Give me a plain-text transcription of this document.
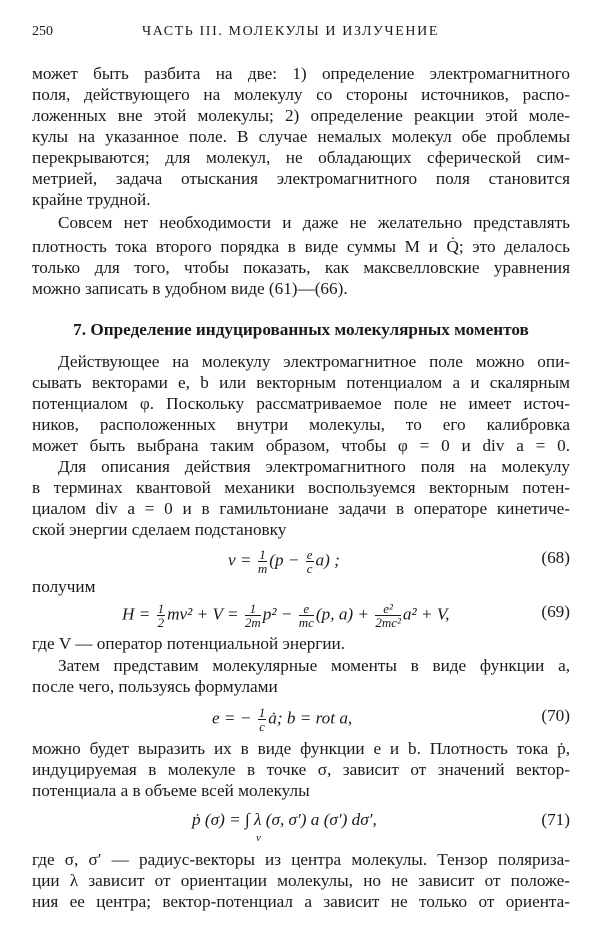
250	ЧАСТЬ III. МОЛЕКУЛЫ И ИЗЛУЧЕНИЕ
может быть разбита на две: 1) определение электромагнитного
поля, действующего на молекулу со стороны источников, распо-
ложенных вне этой молекулы; 2) определение реакции этой моле-
кулы на указанное поле. В случае немалых молекул обе проблемы
перекрываются; для молекул, не обладающих сферической сим-
метрией, задача отыскания электромагнитного поля становится
крайне трудной.
Совсем нет необходимости и даже не желательно представлять
плотность тока второго порядка в виде суммы M и Q̇; это делалось
только для того, чтобы показать, как максвелловские уравнения
можно записать в удобном виде (61)—(66).
7. Определение индуцированных молекулярных моментов
Действующее на молекулу электромагнитное поле можно опи-
сывать векторами e, b или векторным потенциалом a и скалярным
потенциалом φ. Поскольку рассматриваемое поле не имеет источ-
ников, расположенных внутри молекулы, то его калибровка
может быть выбрана таким образом, чтобы φ = 0 и div a = 0.
Для описания действия электромагнитного поля на молекулу
в терминах квантовой механики воспользуемся векторным потен-
циалом div a = 0 и в гамильтониане задачи в операторе кинетиче-
ской энергии сделаем подстановку
$v = \frac{1}{m} (p - \frac{e}{c} a)$ ;	(68)
получим
$H = \frac{1}{2} mv^2 + V = \frac{1}{2m} p^2 - \frac{e}{mc} (p$, $a) + \frac{\text{e²}}{\text{2mc²}} a^2 + V$,	(69)
где V — оператор потенциальной энергии.
Затем представим молекулярные моменты в виде функции a,
после чего, пользуясь формулами
e = − $\frac{1}{c}$ ȧ; b = rot a,	(70)
можно будет выразить их в виде функции e и b. Плотность тока ṗ,
индуцируемая в молекуле в точке σ, зависит от значений вектор-
потенциала a в объеме всей молекулы
ṗ (σ) = ∫ λ (σ, σ′) a (σ′) dσ′,
v
(71)
где σ, σ′ — радиус-векторы из центра молекулы. Тензор поляриза-
ции λ зависит от ориентации молекулы, но не зависит от положе-
ния ее центра; вектор-потенциал a зависит не только от ориента-
